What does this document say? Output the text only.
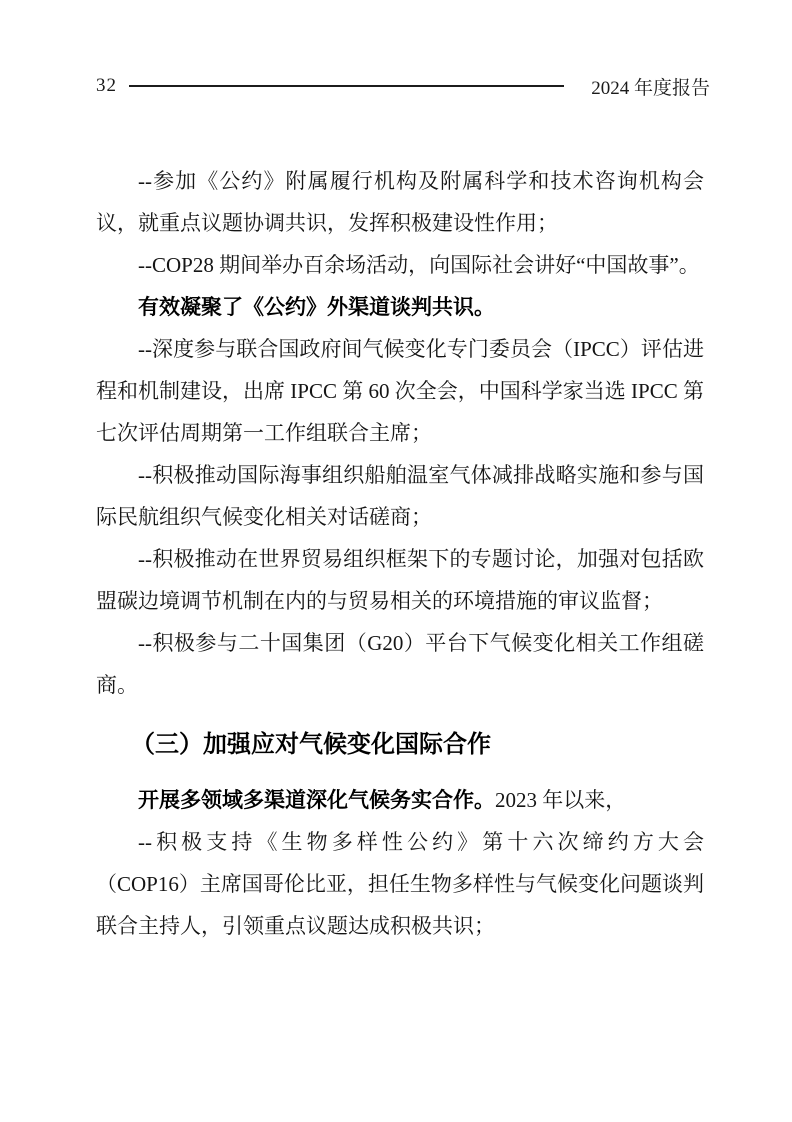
32	2024 年度报告

--参加《公约》附属履行机构及附属科学和技术咨询机构会议，就重点议题协调共识，发挥积极建设性作用；

--COP28 期间举办百余场活动，向国际社会讲好“中国故事”。

有效凝聚了《公约》外渠道谈判共识。

--深度参与联合国政府间气候变化专门委员会（IPCC）评估进程和机制建设，出席 IPCC 第 60 次全会，中国科学家当选 IPCC 第七次评估周期第一工作组联合主席；

--积极推动国际海事组织船舶温室气体减排战略实施和参与国际民航组织气候变化相关对话磋商；

--积极推动在世界贸易组织框架下的专题讨论，加强对包括欧盟碳边境调节机制在内的与贸易相关的环境措施的审议监督；

--积极参与二十国集团（G20）平台下气候变化相关工作组磋商。

（三）加强应对气候变化国际合作

开展多领域多渠道深化气候务实合作。2023 年以来，

--积极支持《生物多样性公约》第十六次缔约方大会（COP16）主席国哥伦比亚，担任生物多样性与气候变化问题谈判联合主持人，引领重点议题达成积极共识；
